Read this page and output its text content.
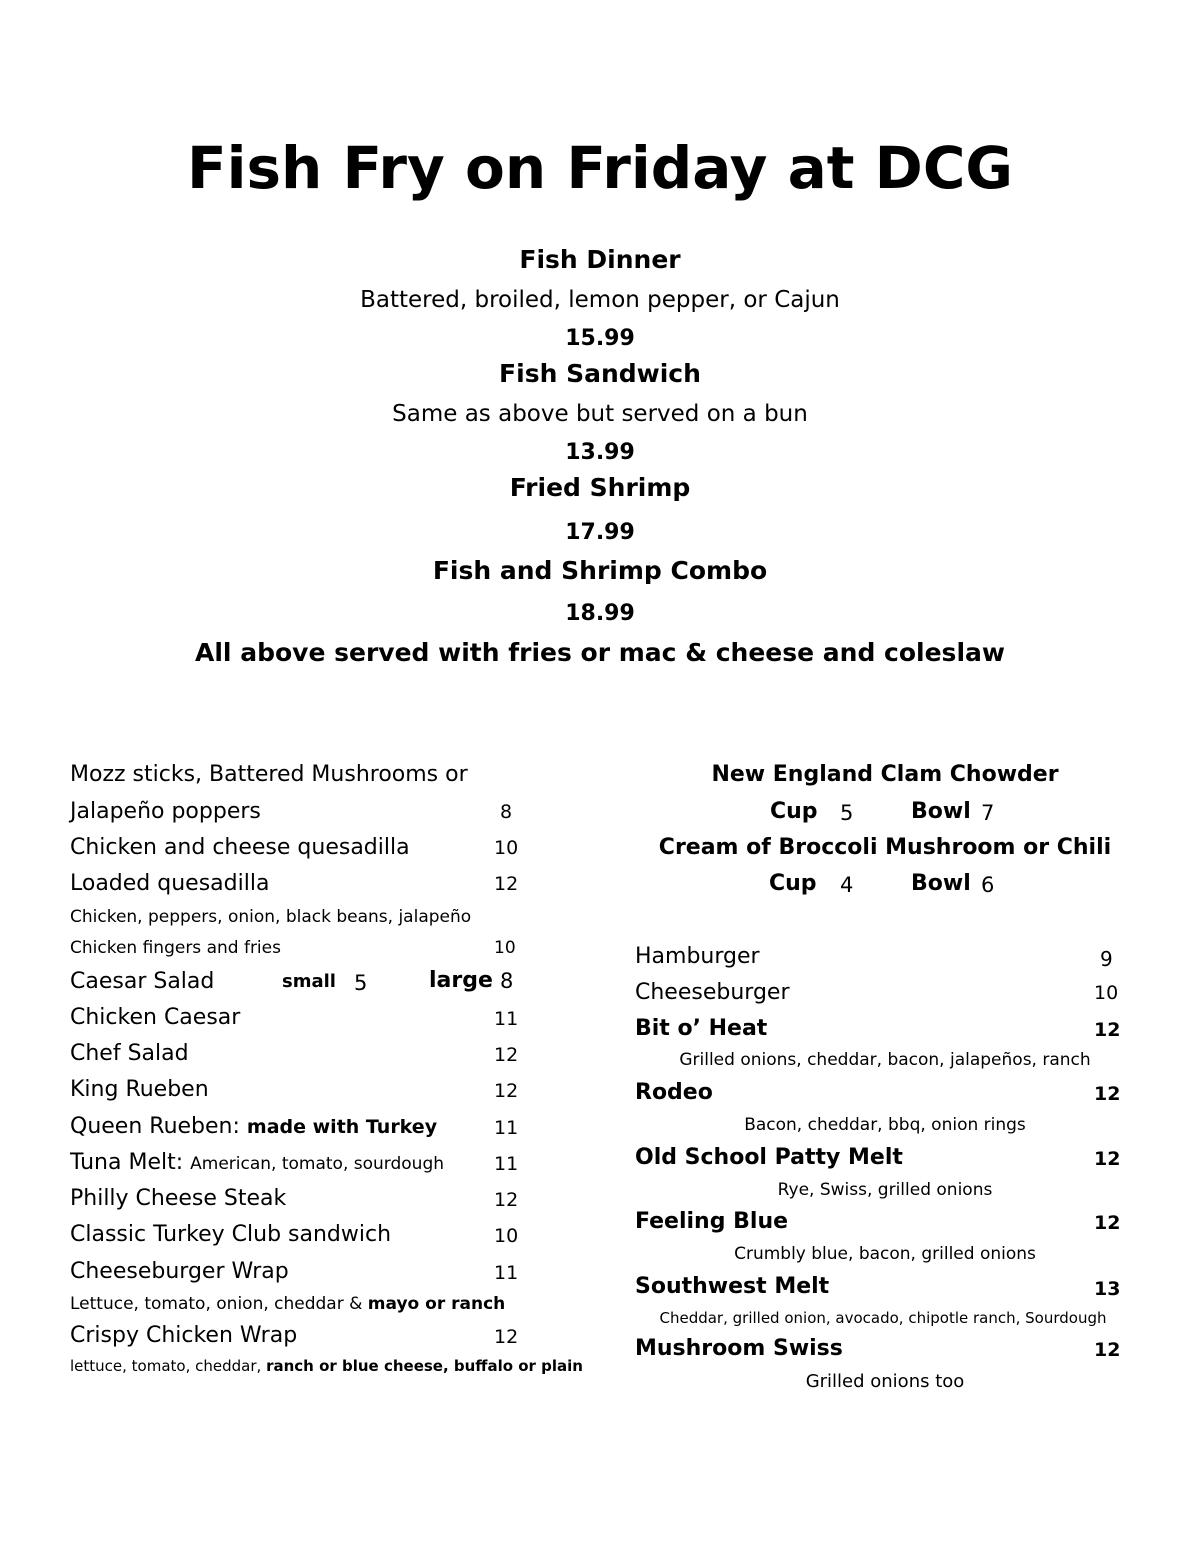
Fish Fry on Friday at DCG
Fish Dinner
Battered, broiled, lemon pepper, or Cajun
15.99
Fish Sandwich
Same as above but served on a bun
13.99
Fried Shrimp
17.99
Fish and Shrimp Combo
18.99
All above served with fries or mac & cheese and coleslaw
Mozz sticks, Battered Mushrooms or
Jalapeño poppers	8
Chicken and cheese quesadilla	10
Loaded quesadilla	12
Chicken, peppers, onion, black beans, jalapeño
Chicken fingers and fries	10
Caesar Salad	small 5	large 8
Chicken Caesar	11
Chef Salad	12
King Rueben	12
Queen Rueben: made with Turkey	11
Tuna Melt: American, tomato, sourdough	11
Philly Cheese Steak	12
Classic Turkey Club sandwich	10
Cheeseburger Wrap	11
Lettuce, tomato, onion, cheddar & mayo or ranch
Crispy Chicken Wrap	12
lettuce, tomato, cheddar, ranch or blue cheese, buffalo or plain
New England Clam Chowder
Cup 5	Bowl 7
Cream of Broccoli Mushroom or Chili
Cup 4	Bowl 6
Hamburger	9
Cheeseburger	10
Bit o’ Heat	12
Grilled onions, cheddar, bacon, jalapeños, ranch
Rodeo	12
Bacon, cheddar, bbq, onion rings
Old School Patty Melt	12
Rye, Swiss, grilled onions
Feeling Blue	12
Crumbly blue, bacon, grilled onions
Southwest Melt	13
Cheddar, grilled onion, avocado, chipotle ranch, Sourdough
Mushroom Swiss	12
Grilled onions too
